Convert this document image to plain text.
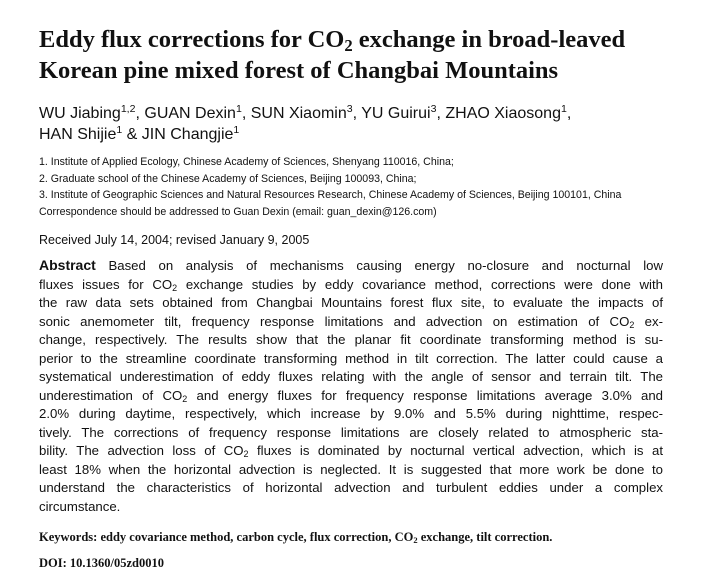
Eddy flux corrections for $CO_2$ exchange in broad-leaved
Korean pine mixed forest of Changbai Mountains
WU Jiabing$^{1,2}$, GUAN Dexin$^1$, SUN Xiaomin$^3$, YU Guirui$^3$, ZHAO Xiaosong$^1$,
HAN Shijie$^1$ & JIN Changjie$^1$
1. Institute of Applied Ecology, Chinese Academy of Sciences, Shenyang 110016, China;
2. Graduate school of the Chinese Academy of Sciences, Beijing 100093, China;
3. Institute of Geographic Sciences and Natural Resources Research, Chinese Academy of Sciences, Beijing 100101, China
Correspondence should be addressed to Guan Dexin (email: guan_dexin@126.com)
Received July 14, 2004; revised January 9, 2005
Abstract Based on analysis of mechanisms causing energy no-closure and nocturnal low
fluxes issues for $CO_2$ exchange studies by eddy covariance method, corrections were done with
the raw data sets obtained from Changbai Mountains forest flux site, to evaluate the impacts of
sonic anemometer tilt, frequency response limitations and advection on estimation of $CO_2$ ex-
change, respectively. The results show that the planar fit coordinate transforming method is su-
perior to the streamline coordinate transforming method in tilt correction. The latter could cause a
systematical underestimation of eddy fluxes relating with the angle of sensor and terrain tilt. The
underestimation of $CO_2$ and energy fluxes for frequency response limitations average 3.0% and
2.0% during daytime, respectively, which increase by 9.0% and 5.5% during nighttime, respec-
tively. The corrections of frequency response limitations are closely related to atmospheric sta-
bility. The advection loss of $CO_2$ fluxes is dominated by nocturnal vertical advection, which is at
least 18% when the horizontal advection is neglected. It is suggested that more work be done to
understand the characteristics of horizontal advection and turbulent eddies under a complex
circumstance.
Keywords: eddy covariance method, carbon cycle, flux correction, $CO_2$ exchange, tilt correction.
DOI: 10.1360/05zd0010
